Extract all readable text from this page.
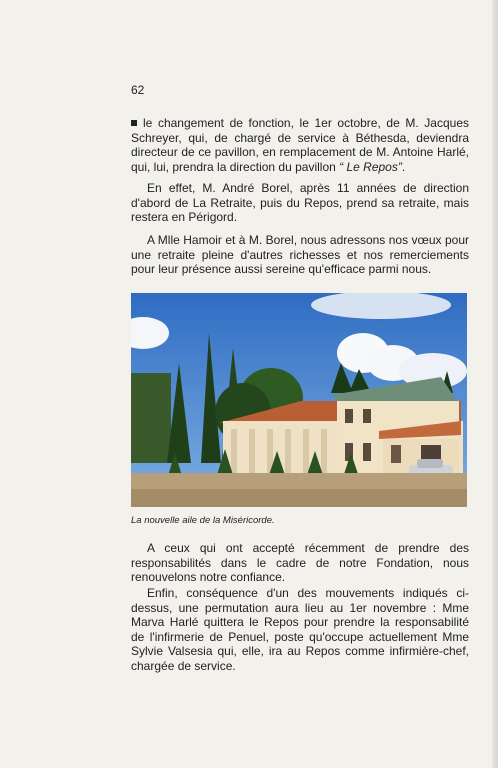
62

le changement de fonction, le 1er octobre, de M. Jacques Schreyer, qui, de chargé de service à Béthesda, deviendra directeur de ce pavillon, en remplacement de M. Antoine Harlé, qui, lui, prendra la direction du pavillon “ Le Repos”.

En effet, M. André Borel, après 11 années de direction d'abord de La Retraite, puis du Repos, prend sa retraite, mais restera en Périgord.

A Mlle Hamoir et à M. Borel, nous adressons nos vœux pour une retraite pleine d'autres richesses et nos remerciements pour leur présence aussi sereine qu'efficace parmi nous.

La nouvelle aile de la Miséricorde.

A ceux qui ont accepté récemment de prendre des responsabilités dans le cadre de notre Fondation, nous renouvelons notre confiance.

Enfin, conséquence d'un des mouvements indiqués ci-dessus, une permutation aura lieu au 1er novembre : Mme Marva Harlé quittera le Repos pour prendre la responsabilité de l'infirmerie de Penuel, poste qu'occupe actuellement Mme Sylvie Valsesia qui, elle, ira au Repos comme infirmière-chef, chargée de service.
